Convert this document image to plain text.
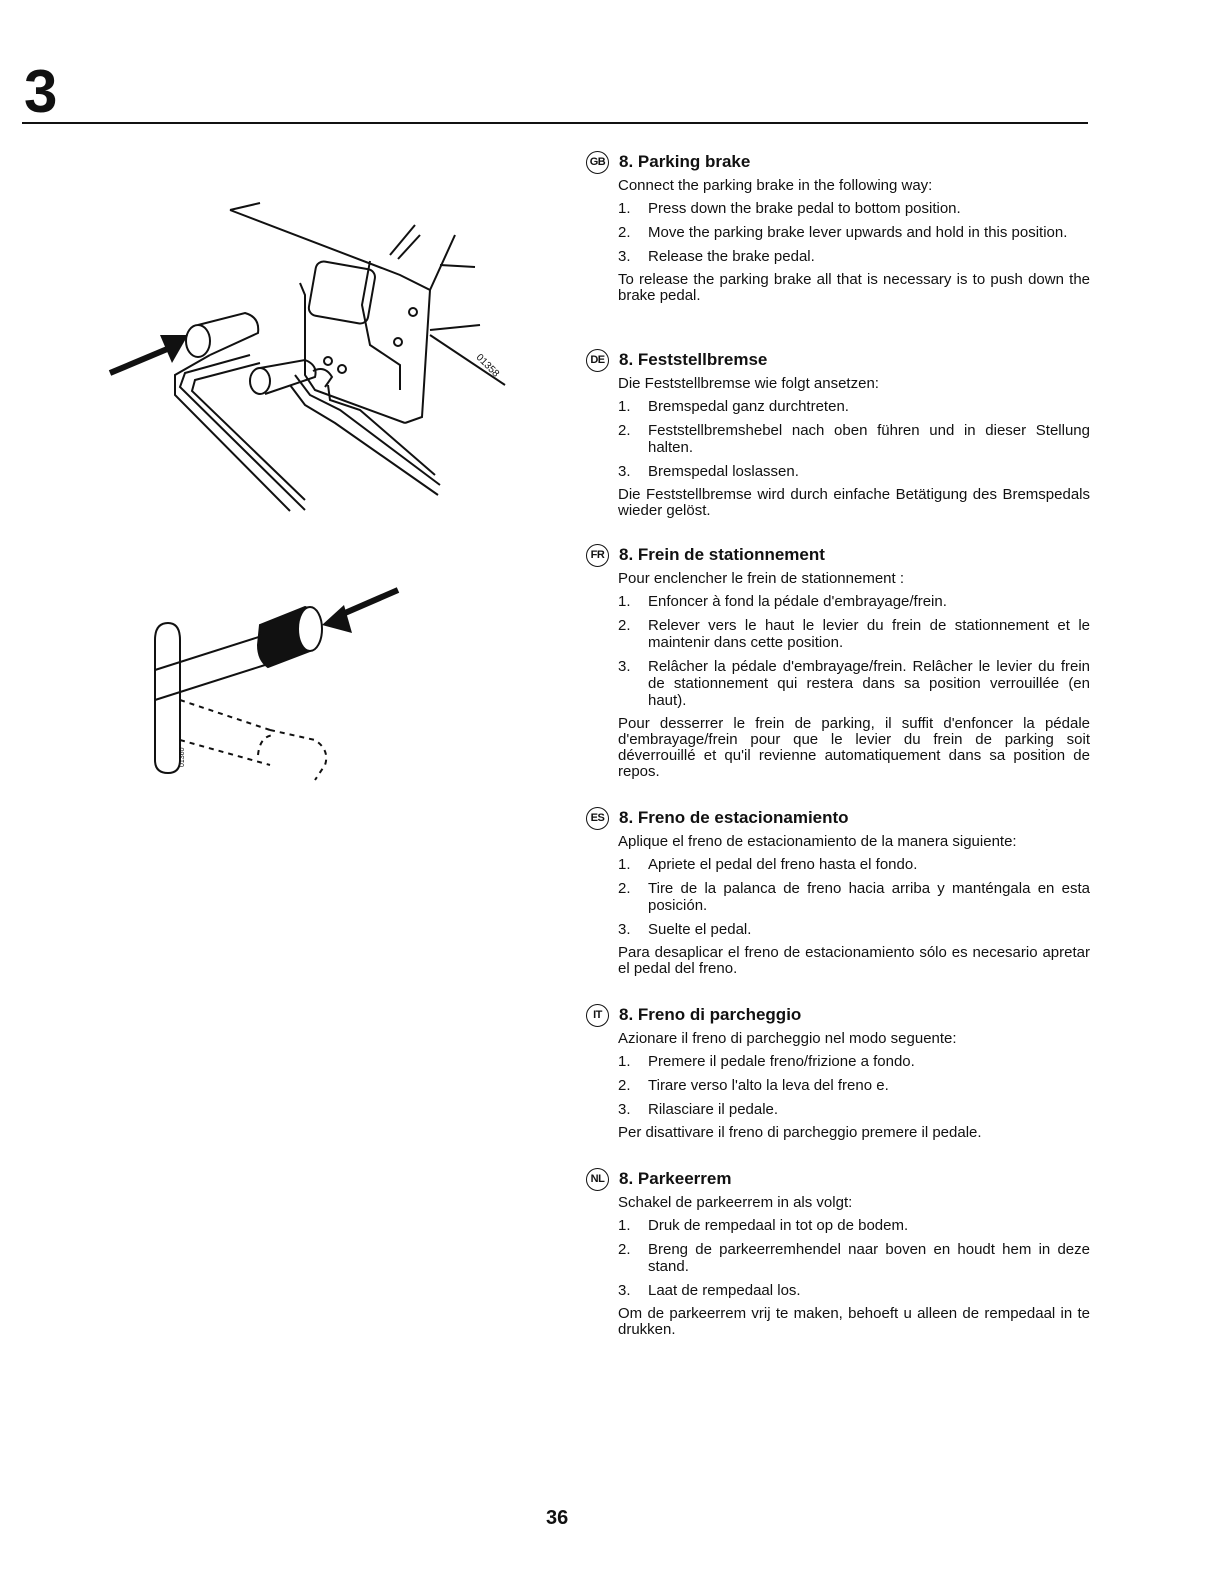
3
01358
01360
GB 8. Parking brake

Connect the parking brake in the following way:

1.	Press down the brake pedal to bottom position.
2.	Move the parking brake lever upwards and hold in this position.
3.	Release the brake pedal.

To release the parking brake all that is necessary is to push down the brake pedal.

DE 8. Feststellbremse

Die Feststellbremse wie folgt ansetzen:

1.	Bremspedal ganz durchtreten.
2.	Feststellbremshebel nach oben führen und in dieser Stellung halten.
3.	Bremspedal loslassen.

Die Feststellbremse wird durch einfache Betätigung des Bremspedals wieder gelöst.

FR 8. Frein de stationnement

Pour enclencher le frein de stationnement :

1.	Enfoncer à fond la pédale d'embrayage/frein.
2.	Relever vers le haut le levier du frein de stationnement et le maintenir dans cette position.
3.	Relâcher la pédale d'embrayage/frein. Relâcher le levier du frein de stationnement qui restera dans sa position verrouillée (en haut).

Pour desserrer le frein de parking, il suffit d'enfoncer la pédale d'embrayage/frein pour que le levier du frein de parking soit déverrouillé et qu'il revienne automatiquement dans sa position de repos.

ES 8. Freno de estacionamiento

Aplique el freno de estacionamiento de la manera siguiente:

1.	Apriete el pedal del freno hasta el fondo.
2.	Tire de la palanca de freno hacia arriba y manténgala en esta posición.
3.	Suelte el pedal.

Para desaplicar el freno de estacionamiento sólo es necesario apretar el pedal del freno.

IT	8. Freno di parcheggio

Azionare il freno di parcheggio nel modo seguente:

1.	Premere il pedale freno/frizione a fondo.
2.	Tirare verso l'alto la leva del freno e.
3.	Rilasciare il pedale.

Per disattivare il freno di parcheggio premere il pedale.

NL 8. Parkeerrem

Schakel de parkeerrem in als volgt:

1.	Druk de rempedaal in tot op de bodem.
2.	Breng de parkeerremhendel naar boven en houdt hem in deze stand.
3.	Laat de rempedaal los.

Om de parkeerrem vrij te maken, behoeft u alleen de rempedaal in te drukken.

36
